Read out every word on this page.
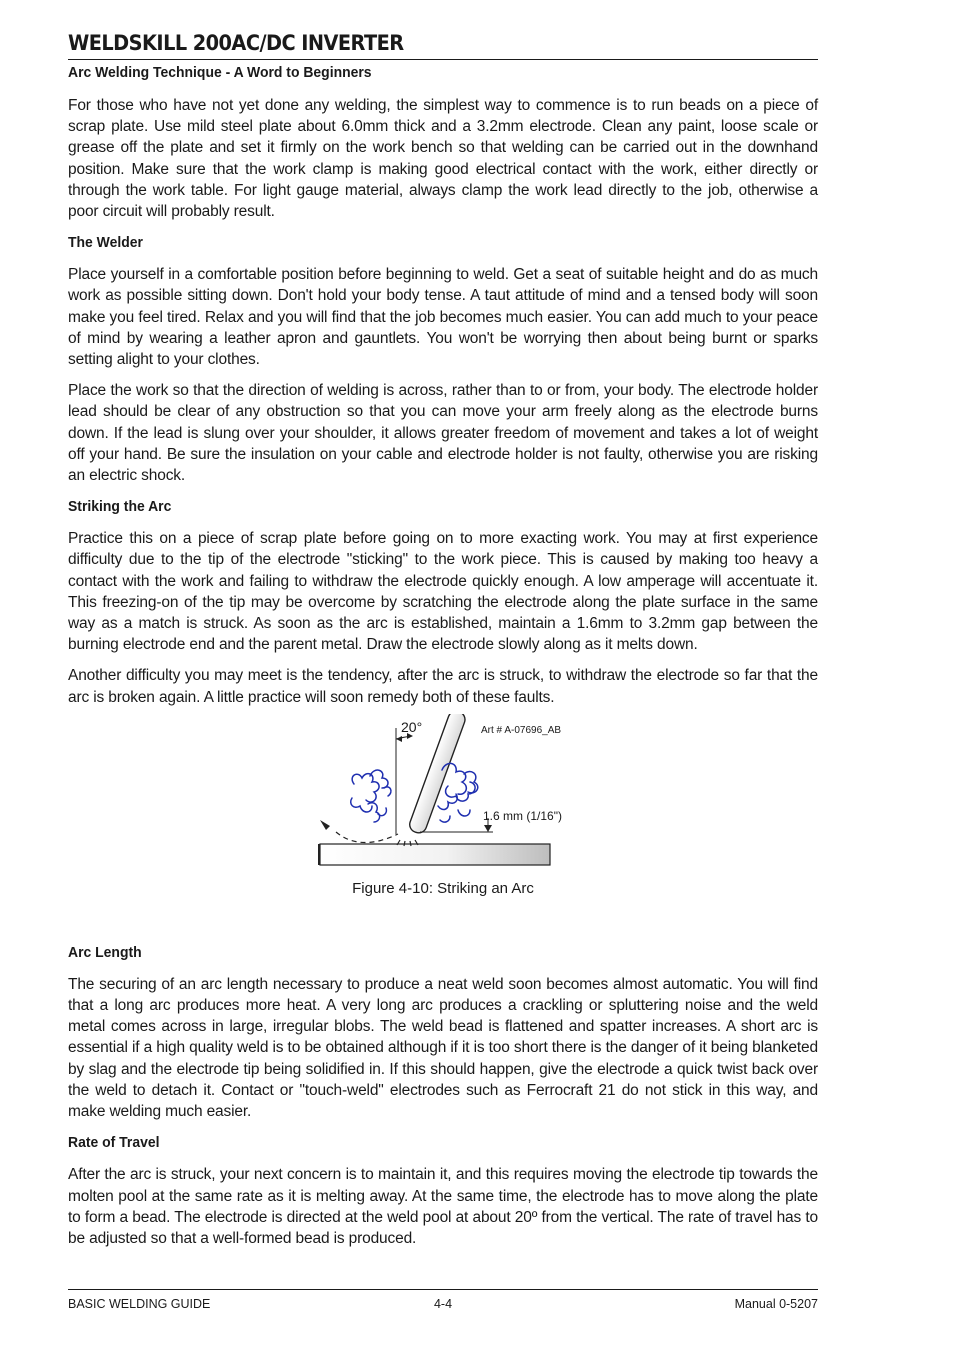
WELDSKILL 200AC/DC INVERTER
Arc Welding Technique - A Word to Beginners

For those who have not yet done any welding, the simplest way to commence is to run beads on a piece of scrap plate. Use mild steel plate about 6.0mm thick and a 3.2mm electrode. Clean any paint, loose scale or grease off the plate and set it firmly on the work bench so that welding can be carried out in the downhand position. Make sure that the work clamp is making good electrical contact with the work, either directly or through the work table. For light gauge material, always clamp the work lead directly to the job, otherwise a poor circuit will probably result.

The Welder

Place yourself in a comfortable position before beginning to weld. Get a seat of suitable height and do as much work as possible sitting down. Don't hold your body tense. A taut attitude of mind and a tensed body will soon make you feel tired. Relax and you will find that the job becomes much easier. You can add much to your peace of mind by wearing a leather apron and gauntlets. You won't be worrying then about being burnt or sparks setting alight to your clothes.

Place the work so that the direction of welding is across, rather than to or from, your body. The electrode holder lead should be clear of any obstruction so that you can move your arm freely along as the electrode burns down. If the lead is slung over your shoulder, it allows greater freedom of movement and takes a lot of weight off your hand. Be sure the insulation on your cable and electrode holder is not faulty, otherwise you are risking an electric shock.

Striking the Arc

Practice this on a piece of scrap plate before going on to more exacting work. You may at first experience difficulty due to the tip of the electrode "sticking" to the work piece. This is caused by making too heavy a contact with the work and failing to withdraw the electrode quickly enough. A low amperage will accentuate it. This freezing-on of the tip may be overcome by scratching the electrode along the plate surface in the same way as a match is struck. As soon as the arc is established, maintain a 1.6mm to 3.2mm gap between the burning electrode end and the parent metal. Draw the electrode slowly along as it melts down.

Another difficulty you may meet is the tendency, after the arc is struck, to withdraw the electrode so far that the arc is broken again. A little practice will soon remedy both of these faults.

20°	Art # A-07696_AB
1.6 mm (1/16")
Figure 4-10: Striking an Arc
Arc Length

The securing of an arc length necessary to produce a neat weld soon becomes almost automatic. You will find that a long arc produces more heat. A very long arc produces a crackling or spluttering noise and the weld metal comes across in large, irregular blobs. The weld bead is flattened and spatter increases. A short arc is essential if a high quality weld is to be obtained although if it is too short there is the danger of it being blanketed by slag and the electrode tip being solidified in. If this should happen, give the electrode a quick twist back over the weld to detach it. Contact or "touch-weld" electrodes such as Ferrocraft 21 do not stick in this way, and make welding much easier.

Rate of Travel

After the arc is struck, your next concern is to maintain it, and this requires moving the electrode tip towards the molten pool at the same rate as it is melting away. At the same time, the electrode has to move along the plate to form a bead. The electrode is directed at the weld pool at about 20º from the vertical. The rate of travel has to be adjusted so that a well-formed bead is produced.

BASIC WELDING GUIDE	4-4	Manual 0-5207
